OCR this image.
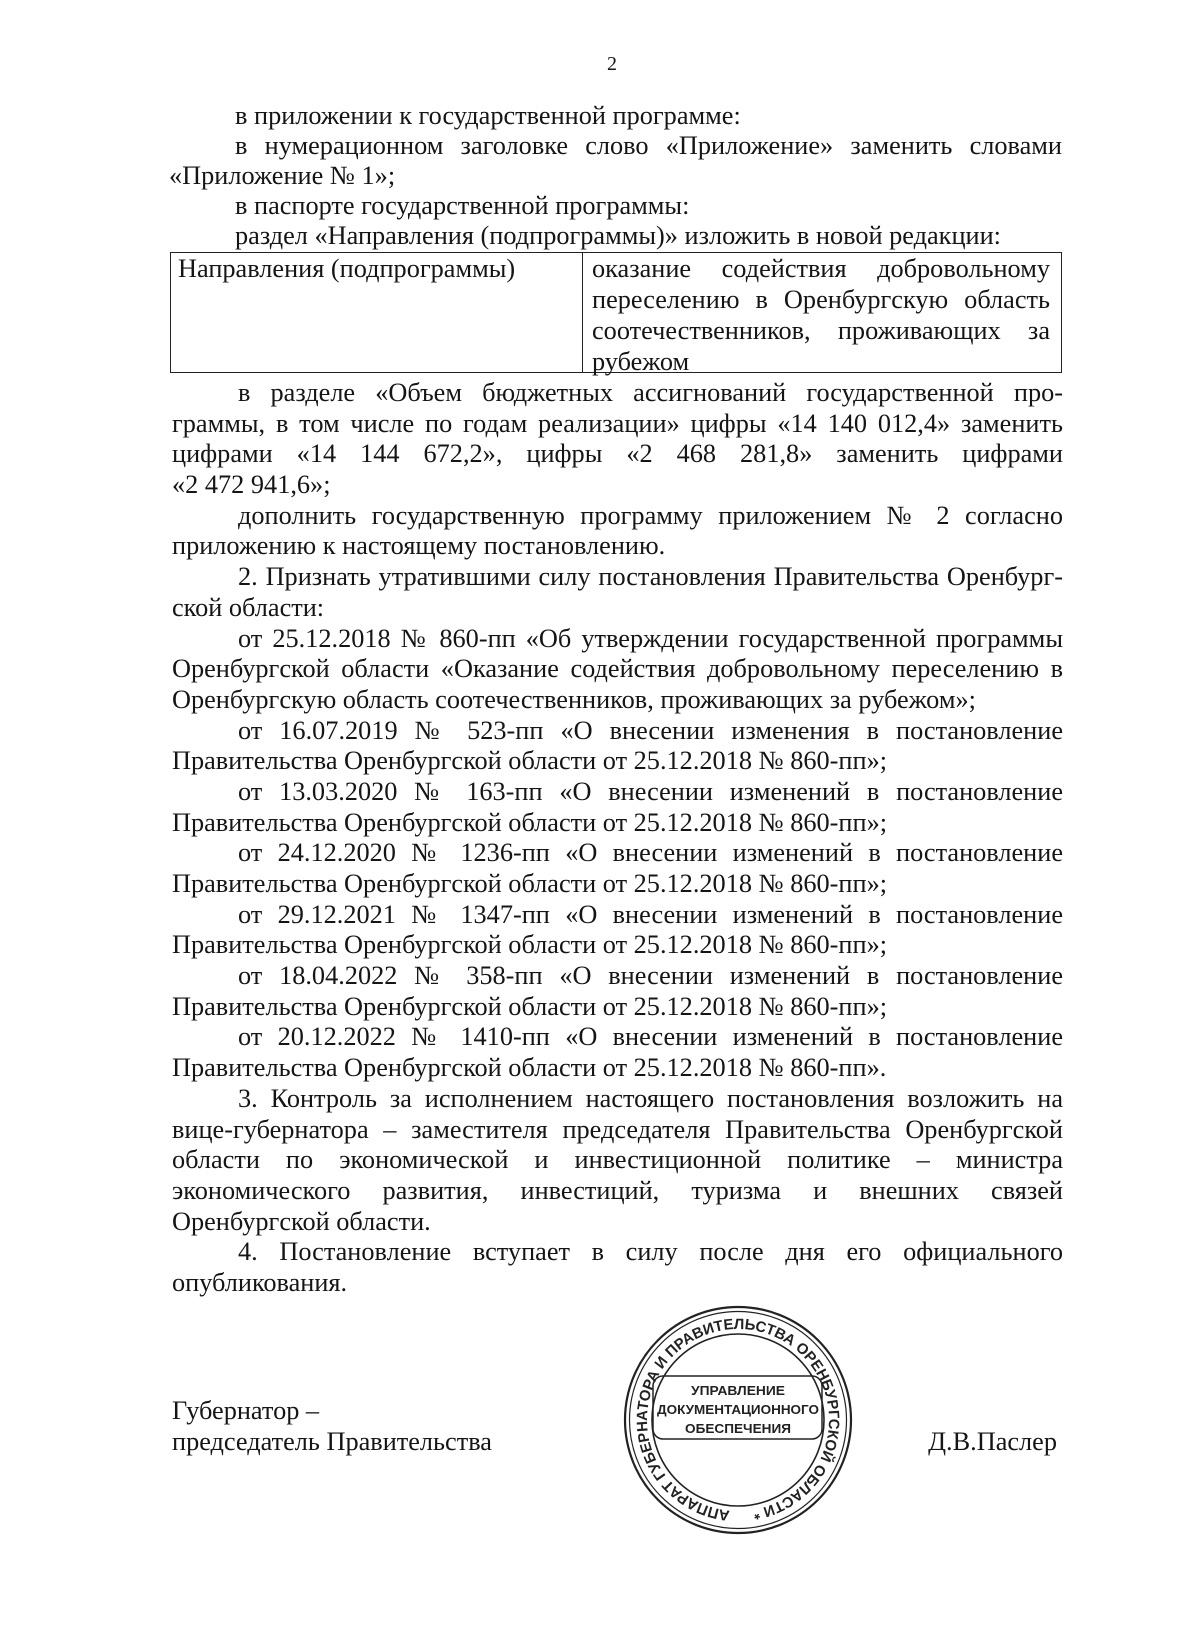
2
в приложении к государственной программе:
в нумерационном заголовке слово «Приложение» заменить словами
«Приложение № 1»;
в паспорте государственной программы:
раздел «Направления (подпрограммы)» изложить в новой редакции:
Направления (подпрограммы)	оказание содействия добровольному
переселению в Оренбургскую область
соотечественников, проживающих за
рубежом
в разделе «Объем бюджетных ассигнований государственной про-
граммы, в том числе по годам реализации» цифры «14 140 012,4» заменить
цифрами «14 144 672,2», цифры «2 468 281,8» заменить цифрами
«2 472 941,6»;
дополнить государственную программу приложением № 2 согласно
приложению к настоящему постановлению.
2. Признать утратившими силу постановления Правительства Оренбург-
ской области:
от 25.12.2018 № 860-пп «Об утверждении государственной программы
Оренбургской области «Оказание содействия добровольному переселению в
Оренбургскую область соотечественников, проживающих за рубежом»;
от 16.07.2019 № 523-пп «О внесении изменения в постановление
Правительства Оренбургской области от 25.12.2018 № 860-пп»;
от 13.03.2020 № 163-пп «О внесении изменений в постановление
Правительства Оренбургской области от 25.12.2018 № 860-пп»;
от 24.12.2020 № 1236-пп «О внесении изменений в постановление
Правительства Оренбургской области от 25.12.2018 № 860-пп»;
от 29.12.2021 № 1347-пп «О внесении изменений в постановление
Правительства Оренбургской области от 25.12.2018 № 860-пп»;
от 18.04.2022 № 358-пп «О внесении изменений в постановление
Правительства Оренбургской области от 25.12.2018 № 860-пп»;
от 20.12.2022 № 1410-пп «О внесении изменений в постановление
Правительства Оренбургской области от 25.12.2018 № 860-пп».
3. Контроль за исполнением настоящего постановления возложить на
вице-губернатора – заместителя председателя Правительства Оренбургской
области по экономической и инвестиционной политике – министра
экономического развития, инвестиций, туризма и внешних связей
Оренбургской области.
4. Постановление вступает в силу после дня его официального
опубликования.
Губернатор –
председатель Правительства	Д.В.Паслер
АППАРАТ ГУБЕРНАТОРА И ПРАВИТЕЛЬСТВА ОРЕНБУРГСКОЙ ОБЛАСТИ *
УПРАВЛЕНИЕ
ДОКУМЕНТАЦИОННОГО
ОБЕСПЕЧЕНИЯ
